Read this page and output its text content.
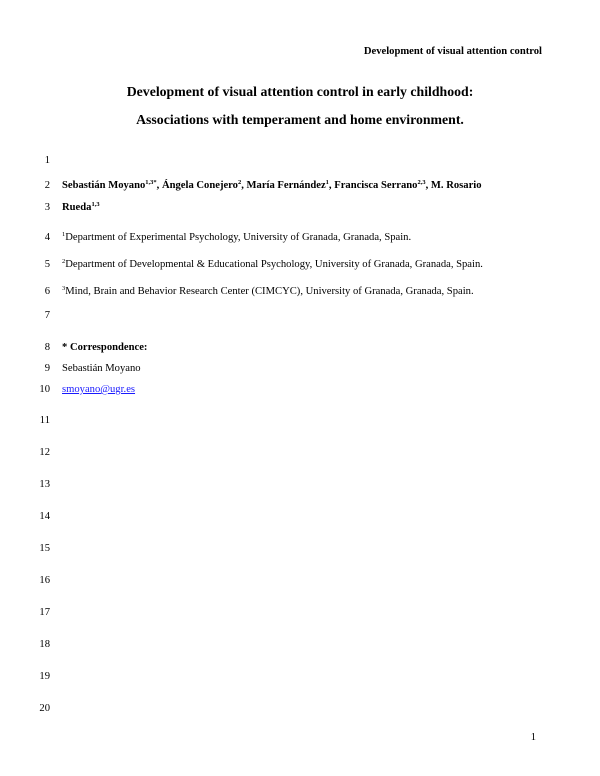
Development of visual attention control
Development of visual attention control in early childhood:
Associations with temperament and home environment.
1
2
3
4
5
6
7
8
9
10
11
12
13
14
15
16
17
18
19
20
Sebastián Moyano$^{1,3*}$, Ángela Conejero$^2$, María Fernández$^1$, Francisca Serrano$^{2,3}$, M. Rosario
Rueda$^{1,3}$
$^1$Department of Experimental Psychology, University of Granada, Granada, Spain.
$^2$Department of Developmental & Educational Psychology, University of Granada, Granada, Spain.
$^3$Mind, Brain and Behavior Research Center (CIMCYC), University of Granada, Granada, Spain.
* Correspondence:
Sebastián Moyano
smoyano@ugr.es
1
